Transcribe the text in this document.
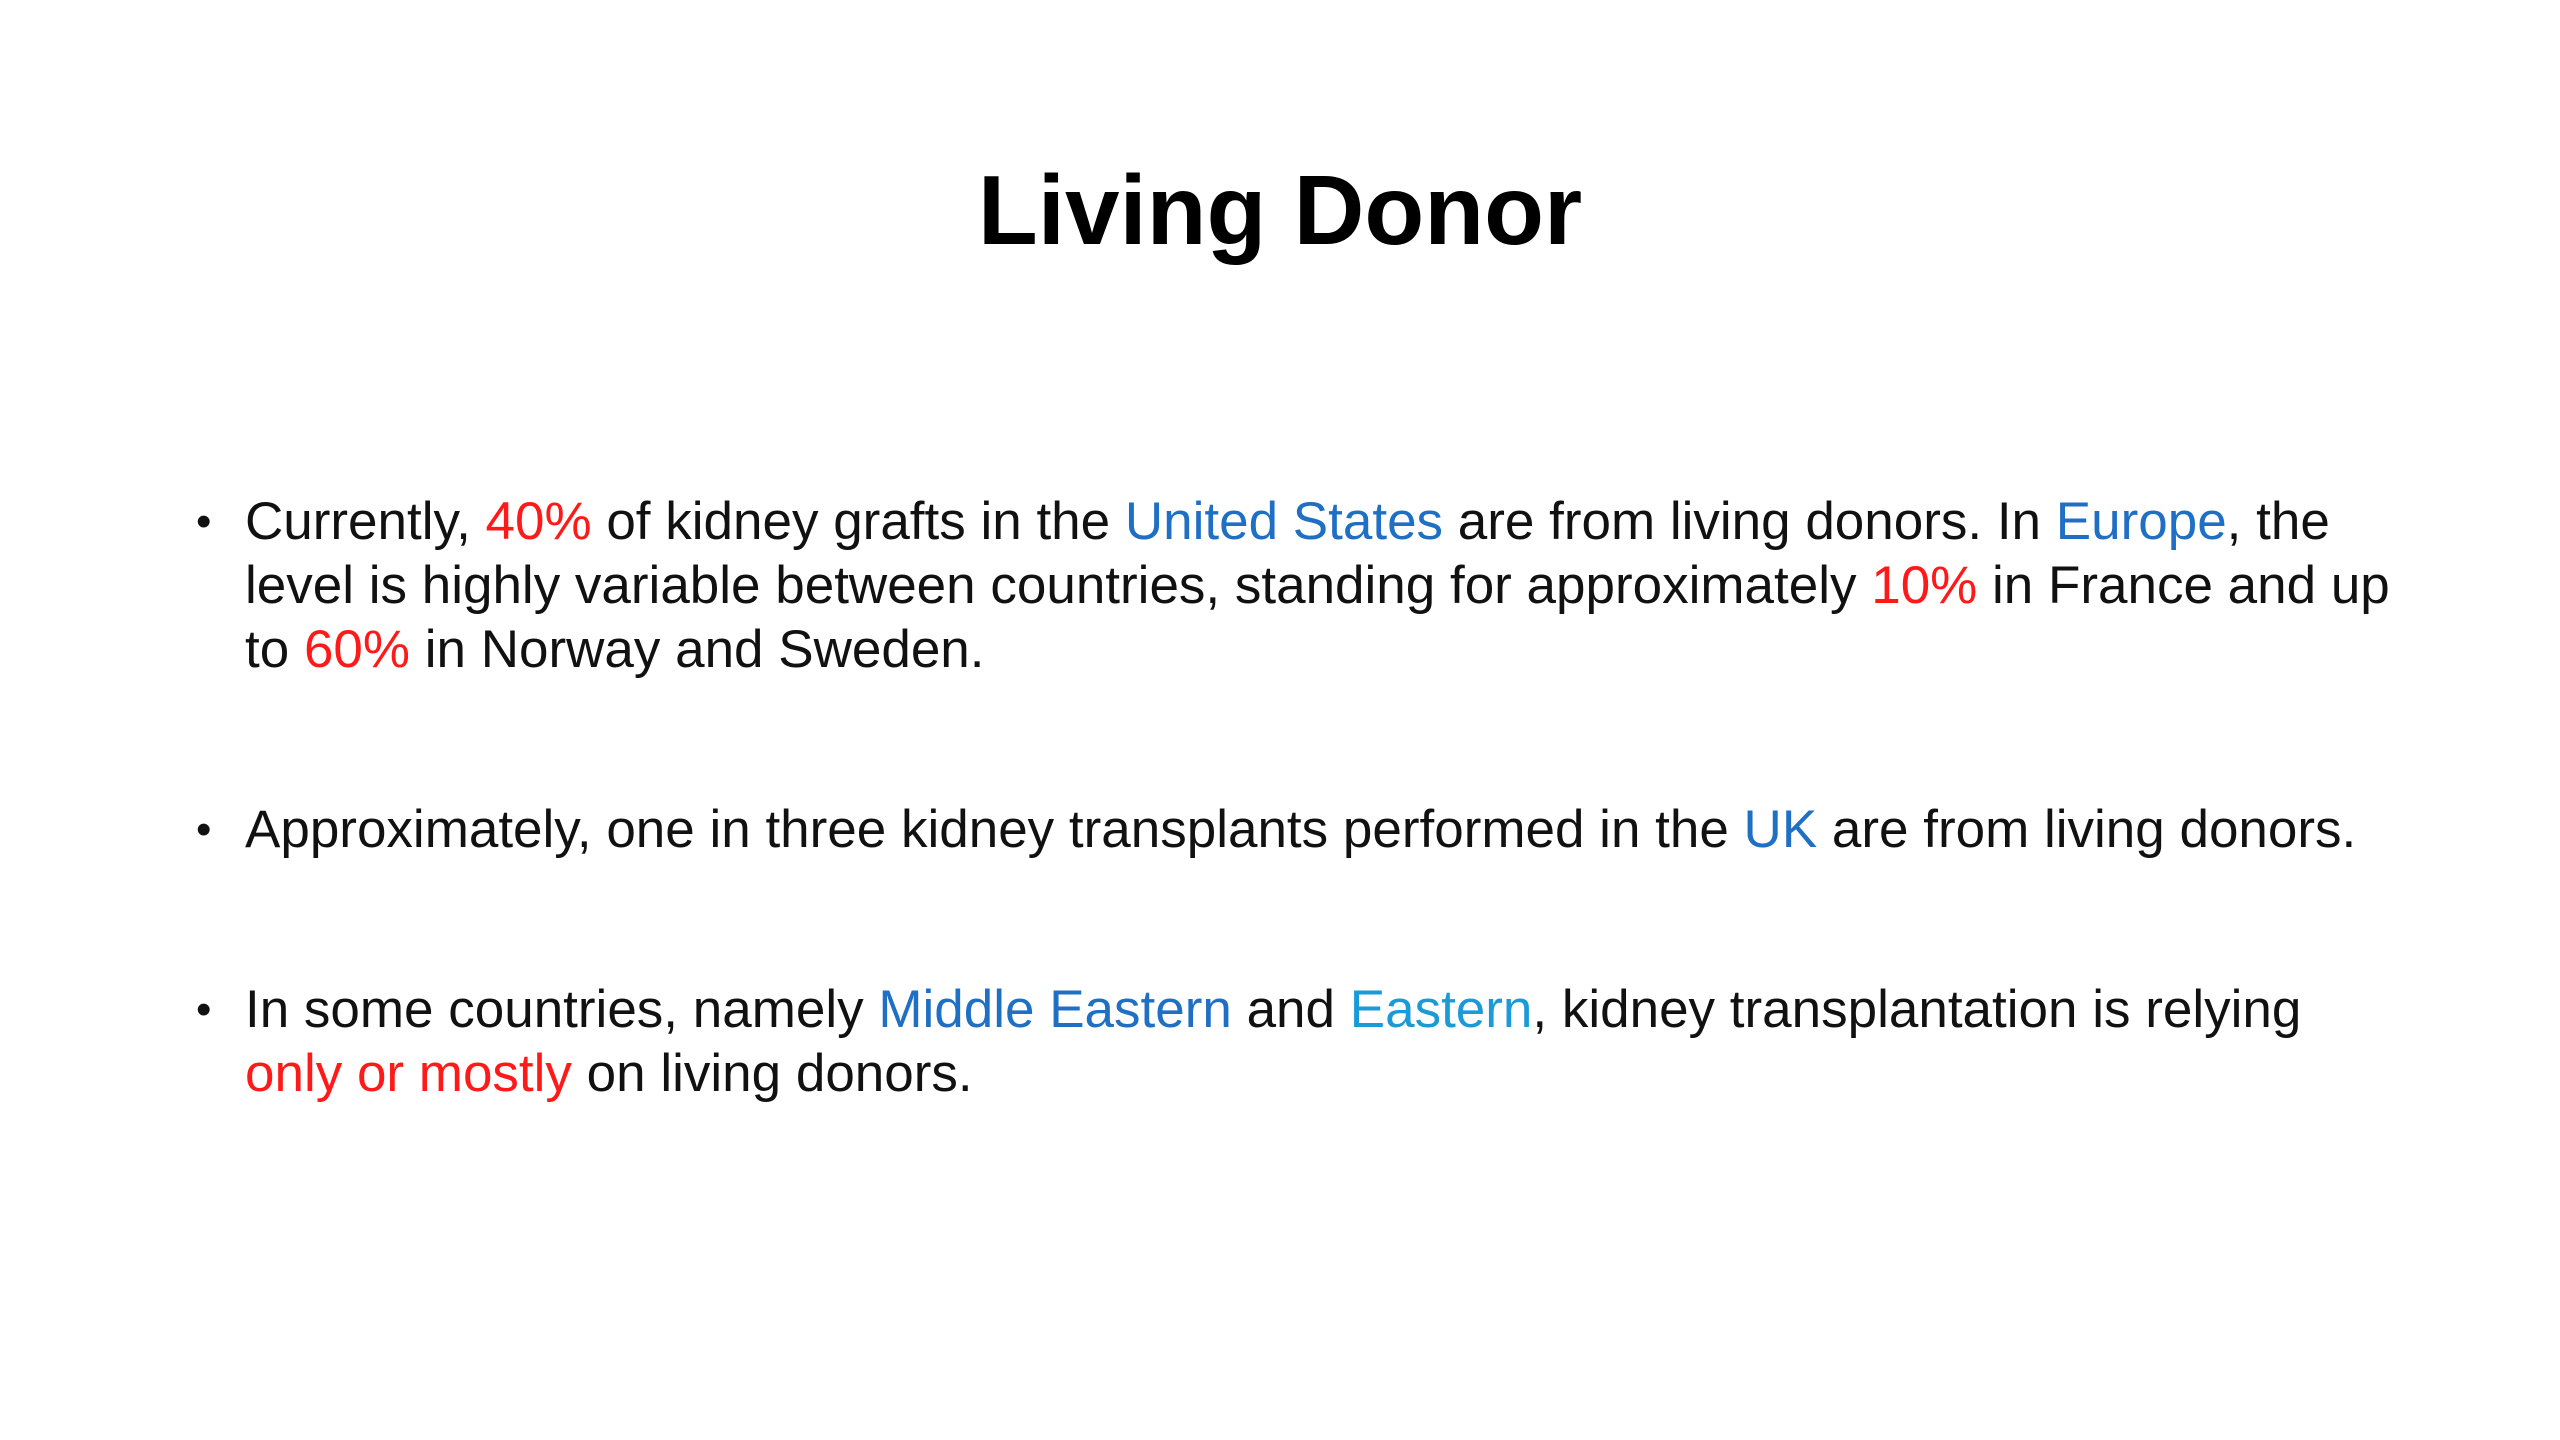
Living Donor
• Currently, 40% of kidney grafts in the United States are from living donors. In Europe, the level is highly variable between countries, standing for approximately 10% in France and up to 60% in Norway and Sweden.
• Approximately, one in three kidney transplants performed in the UK are from living donors.
• In some countries, namely Middle Eastern and Eastern, kidney transplantation is relying only or mostly on living donors.
